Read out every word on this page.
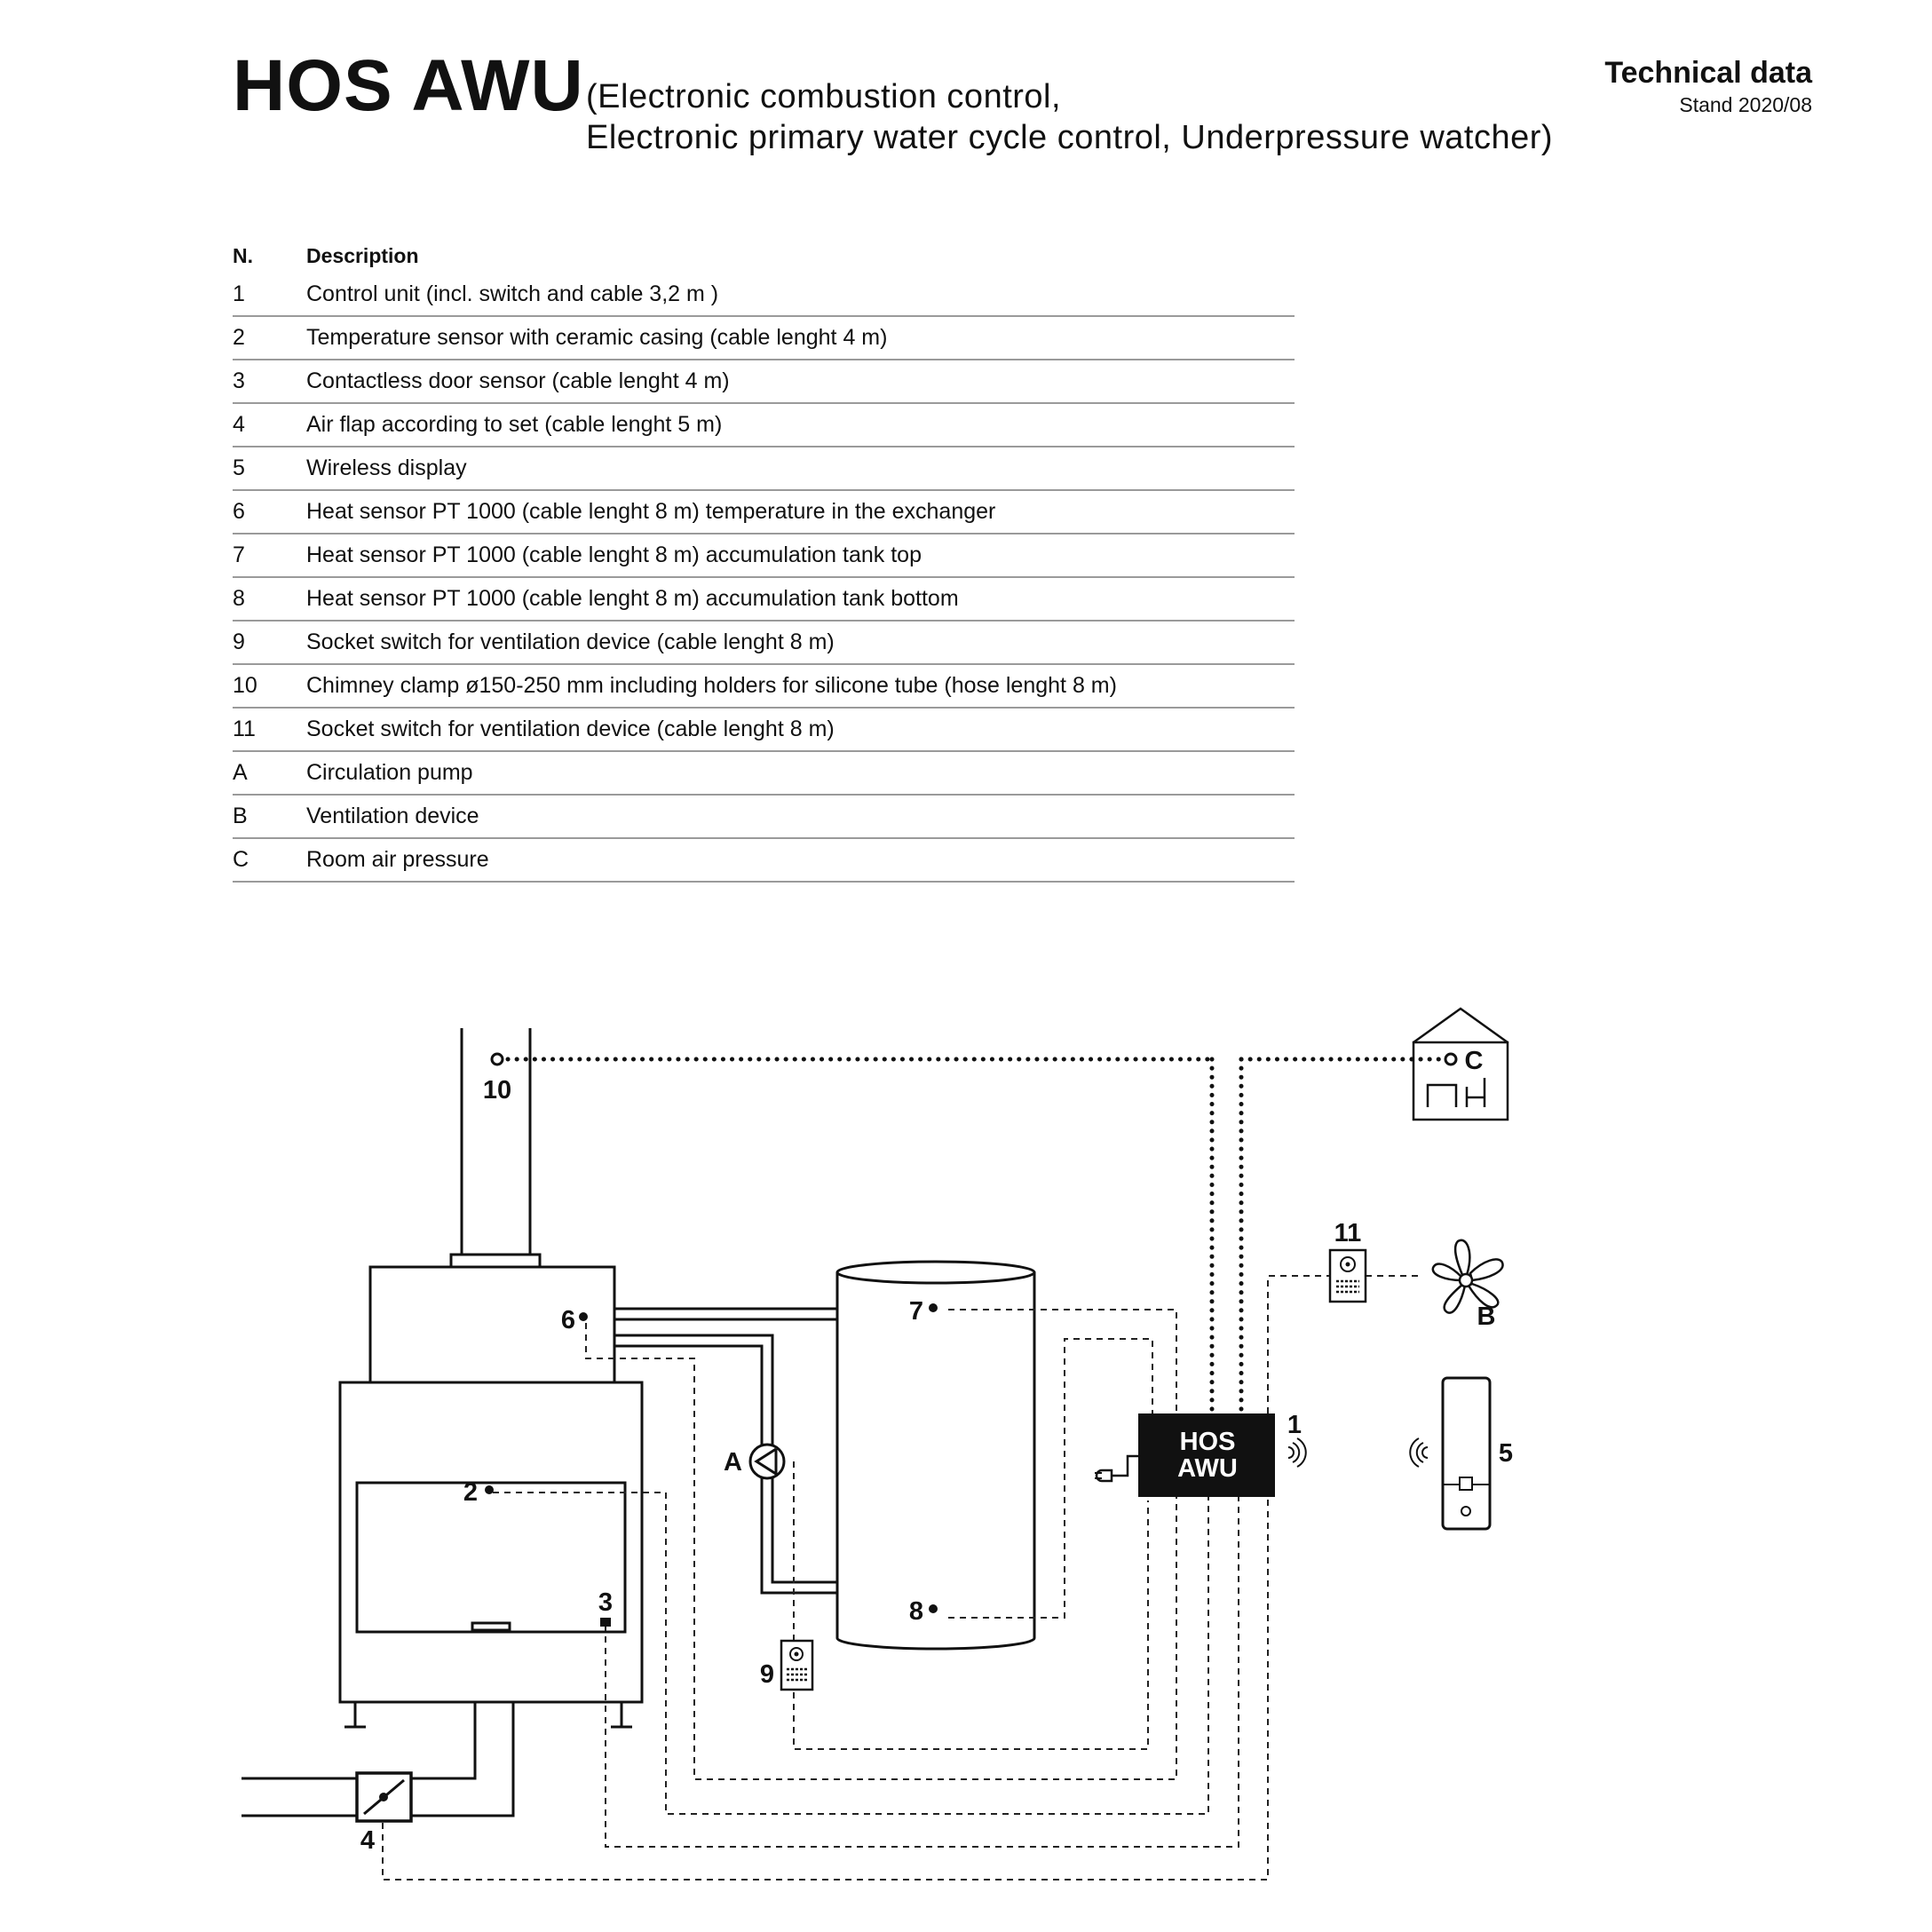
HOS AWU (Electronic combustion control,
Electronic primary water cycle control, Underpressure watcher)

Technical data

Stand 2020/08

N.	Description
1	Control unit (incl. switch and cable 3,2 m )
2	Temperature sensor with ceramic casing (cable lenght 4 m)
3	Contactless door sensor (cable lenght 4 m)
4	Air flap according to set (cable lenght 5 m)
5	Wireless display
6	Heat sensor PT 1000 (cable lenght 8 m) temperature in the exchanger
7	Heat sensor PT 1000 (cable lenght 8 m) accumulation tank top
8	Heat sensor PT 1000 (cable lenght 8 m) accumulation tank bottom
9	Socket switch for ventilation device (cable lenght 8 m)
10	Chimney clamp ø150-250 mm including holders for silicone tube (hose lenght 8 m)
11	Socket switch for ventilation device (cable lenght 8 m)
A	Circulation pump
B	Ventilation device
C	Room air pressure
HOS
AWU
10
6	7
8
2
3
4
A
9
1
11
5
B
C
